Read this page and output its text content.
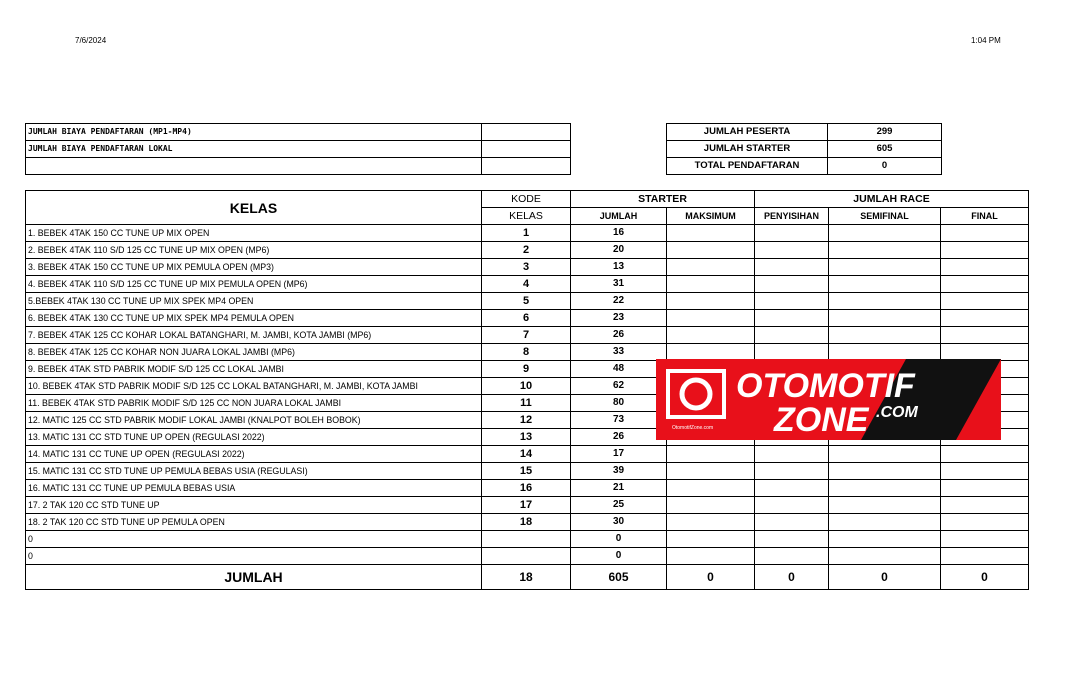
7/6/2024	1:04 PM
JUMLAH BIAYA PENDAFTARAN (MP1-MP4)	
JUMLAH BIAYA PENDAFTARAN LOKAL	

JUMLAH PESERTA	299
JUMLAH STARTER	605
TOTAL PENDAFTARAN	0
KELAS	KODE	STARTER		JUMLAH RACE		
	KELAS	JUMLAH	MAKSIMUM	PENYISIHAN	SEMIFINAL	FINAL
1. BEBEK 4TAK 150 CC TUNE UP MIX OPEN	1	16				
2. BEBEK 4TAK 110 S/D 125 CC TUNE UP MIX OPEN (MP6)	2	20				
3. BEBEK 4TAK 150 CC TUNE UP MIX PEMULA OPEN (MP3)	3	13				
4. BEBEK 4TAK 110 S/D 125 CC TUNE UP MIX PEMULA OPEN (MP6)	4	31				
5.BEBEK 4TAK 130 CC TUNE UP MIX SPEK MP4 OPEN	5	22				
6. BEBEK 4TAK 130 CC TUNE UP MIX SPEK MP4 PEMULA OPEN	6	23				
7. BEBEK 4TAK 125 CC KOHAR LOKAL BATANGHARI, M. JAMBI, KOTA JAMBI (MP6)	7	26				
8. BEBEK 4TAK 125 CC KOHAR NON JUARA LOKAL JAMBI (MP6)	8	33				
9. BEBEK 4TAK STD PABRIK MODIF S/D 125 CC LOKAL JAMBI	9	48				
10. BEBEK 4TAK STD PABRIK MODIF S/D 125 CC LOKAL BATANGHARI, M. JAMBI, KOTA JAMBI	10	62				
11. BEBEK 4TAK STD PABRIK MODIF S/D 125 CC NON JUARA LOKAL JAMBI	11	80				
12. MATIC 125 CC STD PABRIK MODIF LOKAL JAMBI (KNALPOT BOLEH BOBOK)	12	73				
13. MATIC 131 CC STD TUNE UP OPEN (REGULASI 2022)	13	26				
14. MATIC 131 CC TUNE UP OPEN (REGULASI 2022)	14	17				
15. MATIC 131 CC STD TUNE UP PEMULA BEBAS USIA (REGULASI)	15	39				
16. MATIC 131 CC TUNE UP PEMULA BEBAS USIA	16	21				
17. 2 TAK 120 CC STD TUNE UP	17	25				
18. 2 TAK 120 CC STD TUNE UP PEMULA OPEN	18	30				
0		0				
0		0				
JUMLAH	18	605	0	0	0	0
OtomotifZone.com
OTOMOTIF
ZONE .COM
